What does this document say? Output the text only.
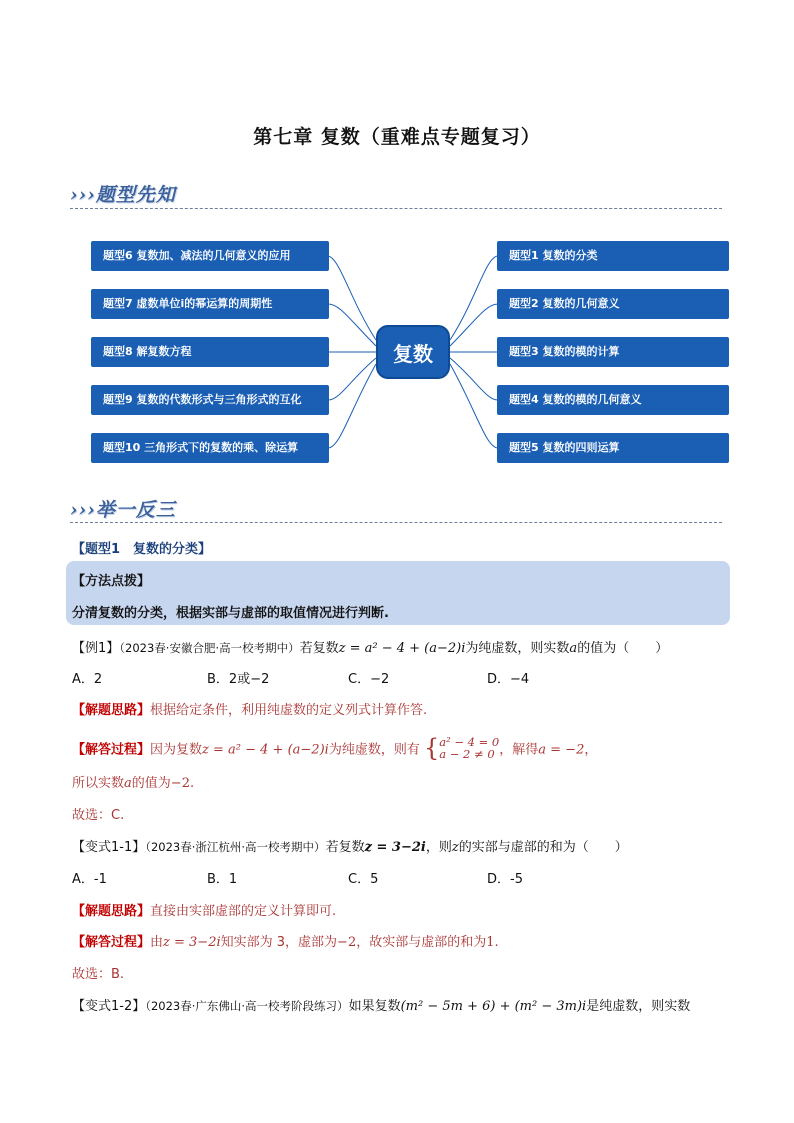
第七章 复数（重难点专题复习）
›››题型先知
题型6 复数加、减法的几何意义的应用
题型7 虚数单位i的幂运算的周期性
题型8 解复数方程
题型9 复数的代数形式与三角形式的互化
题型10 三角形式下的复数的乘、除运算
复数
题型1 复数的分类
题型2 复数的几何意义
题型3 复数的模的计算
题型4 复数的模的几何意义
题型5 复数的四则运算
›››举一反三
【题型1　复数的分类】
【方法点拨】
分清复数的分类，根据实部与虚部的取值情况进行判断.
【例1】（2023春·安徽合肥·高一校考期中）若复数z = a² − 4 + (a−2)i为纯虚数，则实数a的值为（　　）
A．2	B．2或−2	C．−2	D．−4
【解题思路】根据给定条件，利用纯虚数的定义列式计算作答.
【解答过程】因为复数z = a² − 4 + (a−2)i为纯虚数，则有 { a² − 4 = 0
a − 2 ≠ 0 ，解得a = −2，
所以实数a的值为−2.
故选：C.
【变式1-1】（2023春·浙江杭州·高一校考期中）若复数z = 3−2i，则z的实部与虚部的和为（　　）
A．-1	B．1	C．5	D．-5
【解题思路】直接由实部虚部的定义计算即可.
【解答过程】由z = 3−2i知实部为 3，虚部为−2，故实部与虚部的和为1.
故选：B.
【变式1-2】（2023春·广东佛山·高一校考阶段练习）如果复数(m² − 5m + 6) + (m² − 3m)i是纯虚数，则实数
